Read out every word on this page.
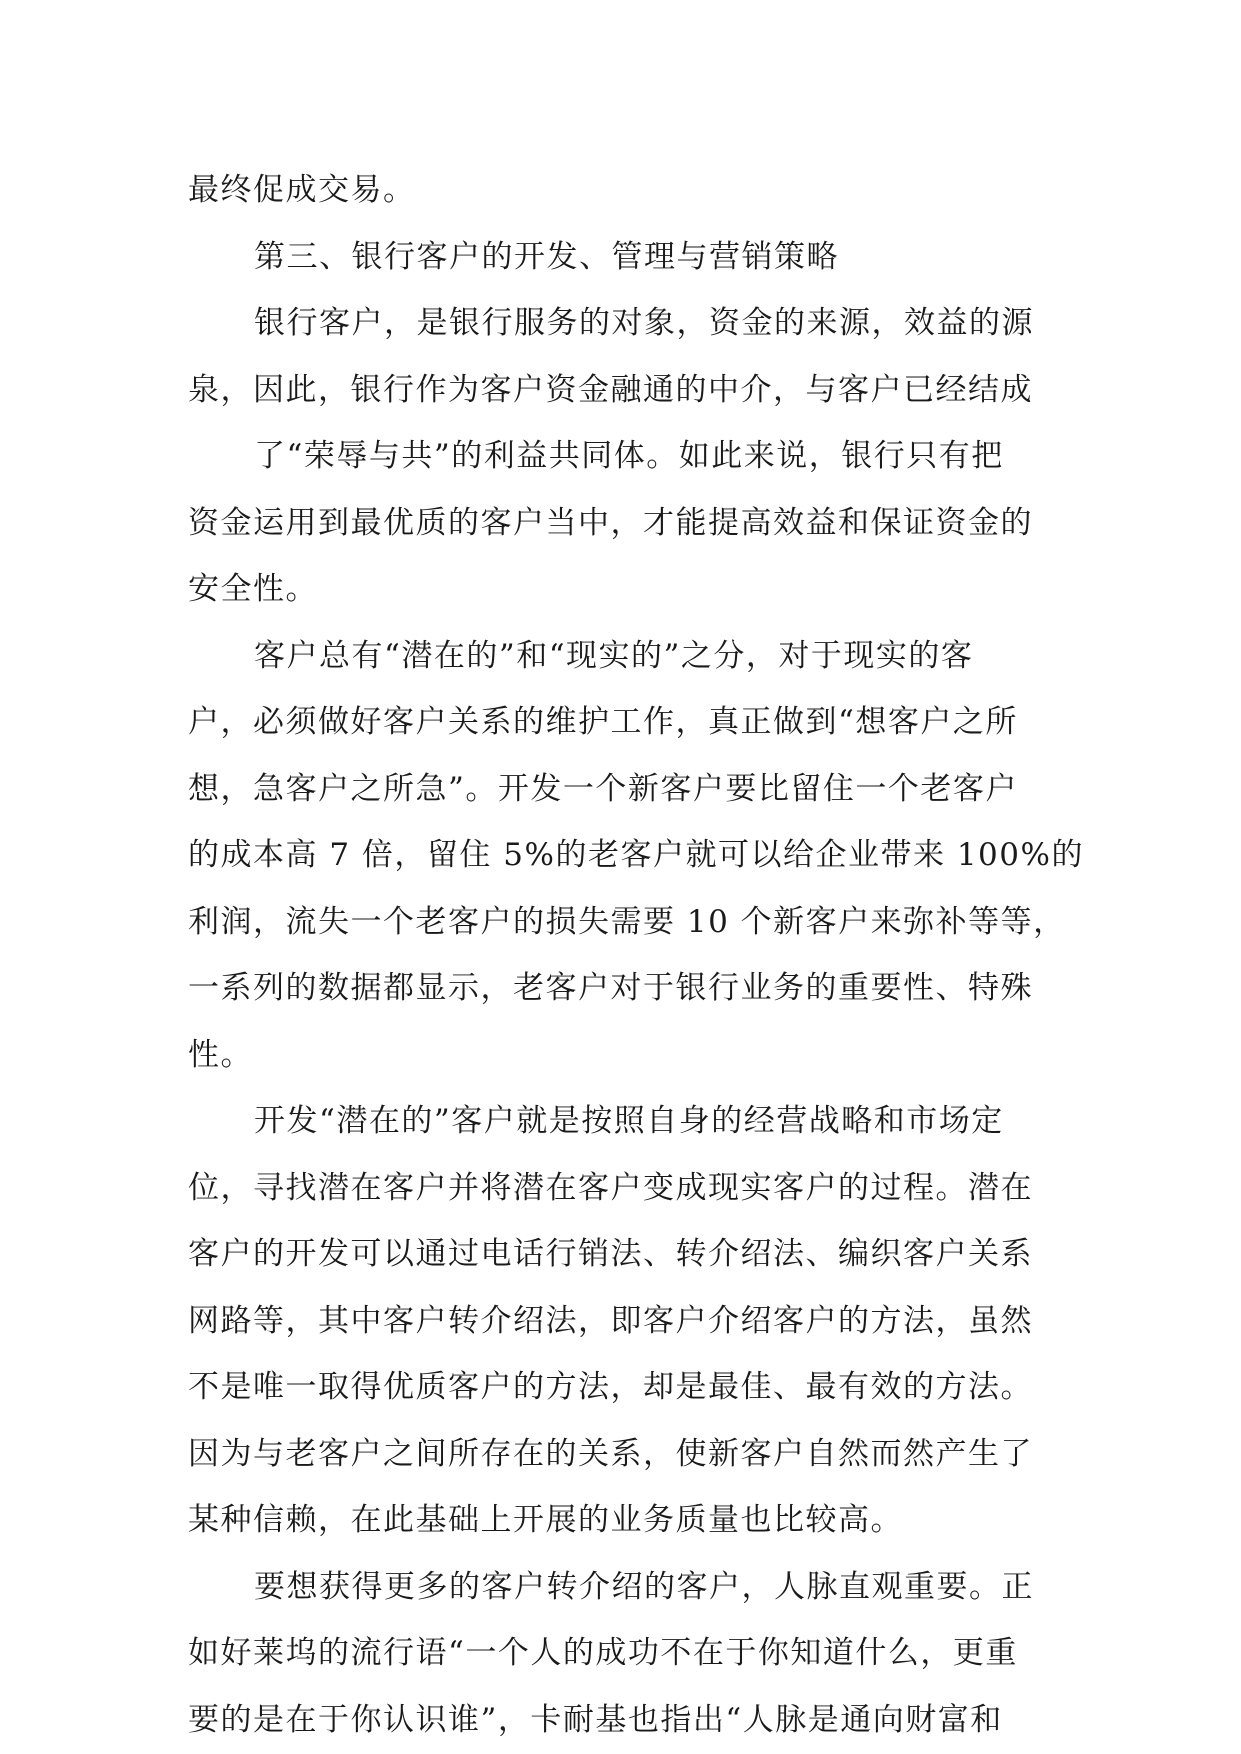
最终促成交易。
第三、银行客户的开发、管理与营销策略
银行客户，是银行服务的对象，资金的来源，效益的源
泉，因此，银行作为客户资金融通的中介，与客户已经结成
了“荣辱与共”的利益共同体。如此来说，银行只有把
资金运用到最优质的客户当中，才能提高效益和保证资金的
安全性。
客户总有“潜在的”和“现实的”之分，对于现实的客
户，必须做好客户关系的维护工作，真正做到“想客户之所
想，急客户之所急”。开发一个新客户要比留住一个老客户
的成本高 7 倍，留住 5%的老客户就可以给企业带来 100%的
利润，流失一个老客户的损失需要 10 个新客户来弥补等等，
一系列的数据都显示，老客户对于银行业务的重要性、特殊
性。
开发“潜在的”客户就是按照自身的经营战略和市场定
位，寻找潜在客户并将潜在客户变成现实客户的过程。潜在
客户的开发可以通过电话行销法、转介绍法、编织客户关系
网路等，其中客户转介绍法，即客户介绍客户的方法，虽然
不是唯一取得优质客户的方法，却是最佳、最有效的方法。
因为与老客户之间所存在的关系，使新客户自然而然产生了
某种信赖，在此基础上开展的业务质量也比较高。
要想获得更多的客户转介绍的客户，人脉直观重要。正
如好莱坞的流行语“一个人的成功不在于你知道什么，更重
要的是在于你认识谁”，卡耐基也指出“人脉是通向财富和
